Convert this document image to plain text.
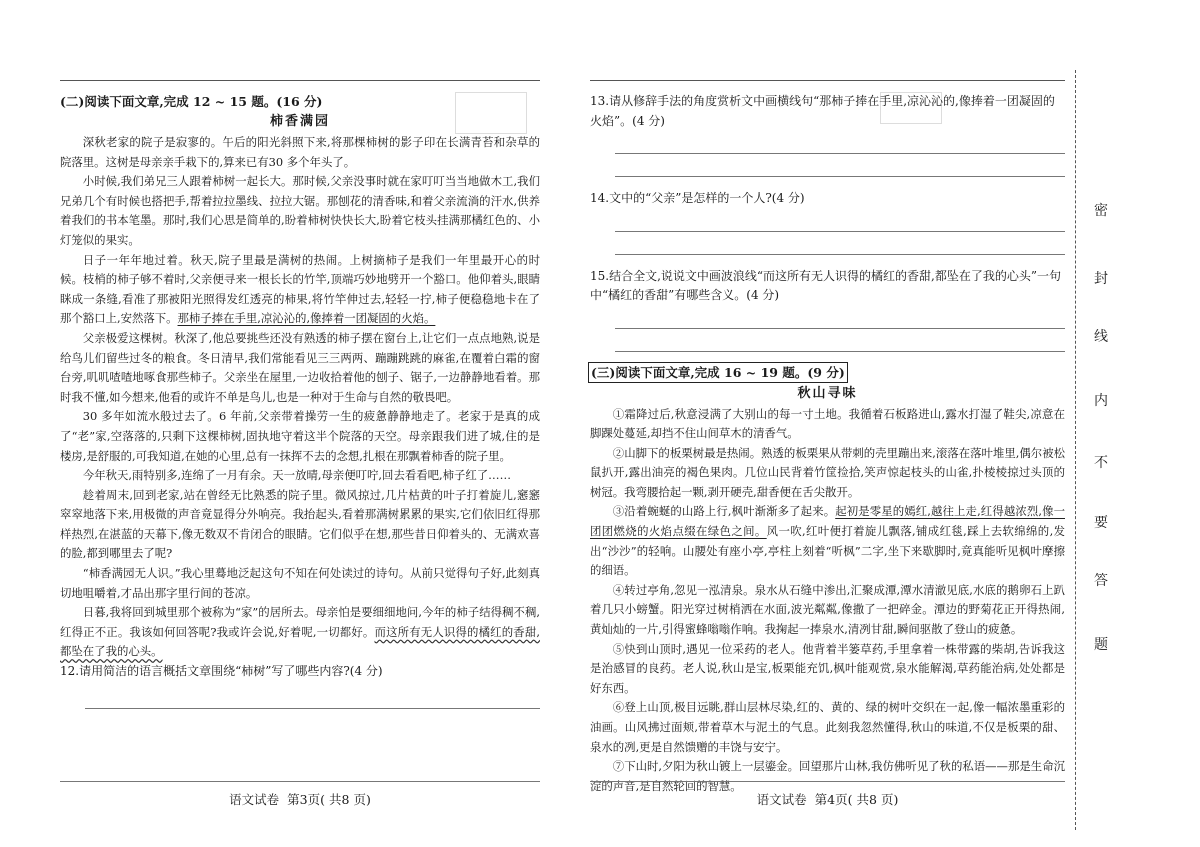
(二)阅读下面文章,完成 12 ~ 15 题。(16 分)
柿香满园

深秋老家的院子是寂寥的。午后的阳光斜照下来,将那棵柿树的影子印在长满青苔和杂草的院落里。这树是母亲亲手栽下的,算来已有30 多个年头了。

小时候,我们弟兄三人跟着柿树一起长大。那时候,父亲没事时就在家叮叮当当地做木工,我们兄弟几个有时候也搭把手,帮着拉拉墨线、拉拉大锯。那刨花的清香味,和着父亲流淌的汗水,供养着我们的书本笔墨。那时,我们心思是简单的,盼着柿树快快长大,盼着它枝头挂满那橘红色的、小灯笼似的果实。

日子一年年地过着。秋天,院子里最是满树的热闹。上树摘柿子是我们一年里最开心的时候。枝梢的柿子够不着时,父亲便寻来一根长长的竹竿,顶端巧妙地劈开一个豁口。他仰着头,眼睛眯成一条缝,看准了那被阳光照得发红透亮的柿果,将竹竿伸过去,轻轻一拧,柿子便稳稳地卡在了那个豁口上,安然落下。那柿子捧在手里,凉沁沁的,像捧着一团凝固的火焰。

父亲极爱这棵树。秋深了,他总要挑些还没有熟透的柿子摆在窗台上,让它们一点点地熟,说是给鸟儿们留些过冬的粮食。冬日清早,我们常能看见三三两两、蹦蹦跳跳的麻雀,在覆着白霜的窗台旁,叽叽喳喳地啄食那些柿子。父亲坐在屋里,一边收拾着他的刨子、锯子,一边静静地看着。那时我不懂,如今想来,他看的或许不单是鸟儿,也是一种对于生命与自然的敬畏吧。

30 多年如流水般过去了。6 年前,父亲带着操劳一生的疲惫静静地走了。老家于是真的成了“老”家,空落落的,只剩下这棵柿树,固执地守着这半个院落的天空。母亲跟我们进了城,住的是楼房,是舒服的,可我知道,在她的心里,总有一抹挥不去的念想,扎根在那飘着柿香的院子里。

今年秋天,雨特别多,连绵了一月有余。天一放晴,母亲便叮咛,回去看看吧,柿子红了……

趁着周末,回到老家,站在曾经无比熟悉的院子里。微风掠过,几片枯黄的叶子打着旋儿,窸窸窣窣地落下来,用极微的声音竟显得分外响亮。我抬起头,看着那满树累累的果实,它们依旧红得那样热烈,在湛蓝的天幕下,像无数双不肯闭合的眼睛。它们似乎在想,那些昔日仰着头的、无满欢喜的脸,都到哪里去了呢?

“柿香满园无人识。”我心里蓦地泛起这句不知在何处读过的诗句。从前只觉得句子好,此刻真切地咀嚼着,才品出那字里行间的苍凉。

日暮,我将回到城里那个被称为“家”的居所去。母亲怕是要细细地问,今年的柿子结得稠不稠,红得正不正。我该如何回答呢?我或许会说,好着呢,一切都好。而这所有无人识得的橘红的香甜,都坠在了我的心头。

12.请用简洁的语言概括文章围绕“柿树”写了哪些内容?(4 分)

语文试卷 第3页( 共8 页)

13.请从修辞手法的角度赏析文中画横线句“那柿子捧在手里,凉沁沁的,像捧着一团凝固的火焰”。(4 分)

14.文中的“父亲”是怎样的一个人?(4 分)

15.结合全文,说说文中画波浪线“而这所有无人识得的橘红的香甜,都坠在了我的心头”一句中“橘红的香甜”有哪些含义。(4 分)

(三)阅读下面文章,完成 16 ~ 19 题。(9 分)
秋山寻味

①霜降过后,秋意浸满了大别山的每一寸土地。我循着石板路进山,露水打湿了鞋尖,凉意在脚踝处蔓延,却挡不住山间草木的清香气。

②山脚下的板栗树最是热闹。熟透的板栗果从带刺的壳里蹦出来,滚落在落叶堆里,偶尔被松鼠扒开,露出油亮的褐色果肉。几位山民背着竹筐捡拾,笑声惊起枝头的山雀,扑棱棱掠过头顶的树冠。我弯腰拾起一颗,剥开硬壳,甜香便在舌尖散开。

③沿着蜿蜒的山路上行,枫叶渐渐多了起来。起初是零星的嫣红,越往上走,红得越浓烈,像一团团燃烧的火焰点缀在绿色之间。风一吹,红叶便打着旋儿飘落,铺成红毯,踩上去软绵绵的,发出“沙沙”的轻响。山腰处有座小亭,亭柱上刻着“听枫”二字,坐下来歇脚时,竟真能听见枫叶摩擦的细语。

④转过亭角,忽见一泓清泉。泉水从石缝中渗出,汇聚成潭,潭水清澈见底,水底的鹅卵石上趴着几只小螃蟹。阳光穿过树梢洒在水面,波光粼粼,像撒了一把碎金。潭边的野菊花正开得热闹,黄灿灿的一片,引得蜜蜂嗡嗡作响。我掬起一捧泉水,清冽甘甜,瞬间驱散了登山的疲惫。

⑤快到山顶时,遇见一位采药的老人。他背着半篓草药,手里拿着一株带露的柴胡,告诉我这是治感冒的良药。老人说,秋山是宝,板栗能充饥,枫叶能观赏,泉水能解渴,草药能治病,处处都是好东西。

⑥登上山顶,极目远眺,群山层林尽染,红的、黄的、绿的树叶交织在一起,像一幅浓墨重彩的油画。山风拂过面颊,带着草木与泥土的气息。此刻我忽然懂得,秋山的味道,不仅是板栗的甜、泉水的冽,更是自然馈赠的丰饶与安宁。

⑦下山时,夕阳为秋山镀上一层鎏金。回望那片山林,我仿佛听见了秋的私语——那是生命沉淀的声音,是自然轮回的智慧。

语文试卷 第4页( 共8 页)
密
封
线
内
不
要
答
题
